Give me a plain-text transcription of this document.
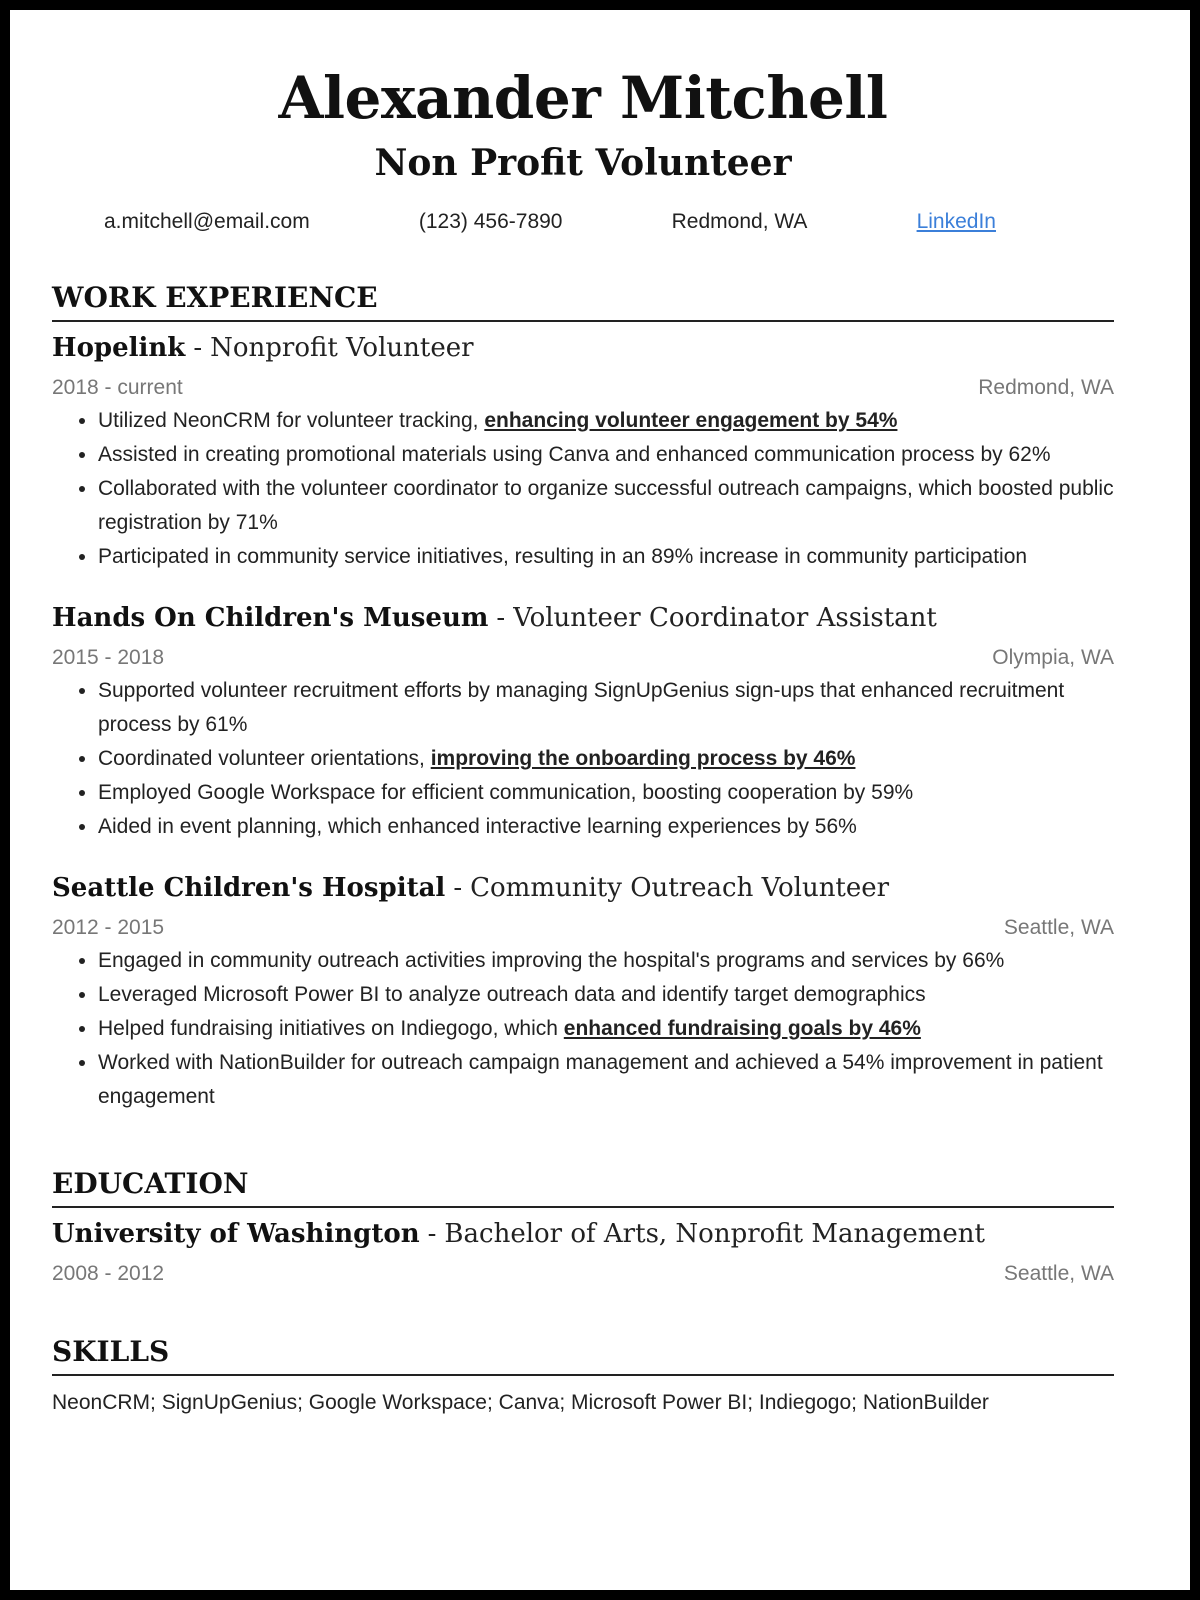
Alexander Mitchell
Non Profit Volunteer
a.mitchell@email.com	(123) 456-7890	Redmond, WA	LinkedIn
WORK EXPERIENCE
Hopelink - Nonprofit Volunteer
2018 - current	Redmond, WA
• Utilized NeonCRM for volunteer tracking, enhancing volunteer engagement by 54%
• Assisted in creating promotional materials using Canva and enhanced communication process by 62%
• Collaborated with the volunteer coordinator to organize successful outreach campaigns, which boosted public registration by 71%
• Participated in community service initiatives, resulting in an 89% increase in community participation
Hands On Children's Museum - Volunteer Coordinator Assistant
2015 - 2018	Olympia, WA
• Supported volunteer recruitment efforts by managing SignUpGenius sign-ups that enhanced recruitment process by 61%
• Coordinated volunteer orientations, improving the onboarding process by 46%
• Employed Google Workspace for efficient communication, boosting cooperation by 59%
• Aided in event planning, which enhanced interactive learning experiences by 56%
Seattle Children's Hospital - Community Outreach Volunteer
2012 - 2015	Seattle, WA
• Engaged in community outreach activities improving the hospital's programs and services by 66%
• Leveraged Microsoft Power BI to analyze outreach data and identify target demographics
• Helped fundraising initiatives on Indiegogo, which enhanced fundraising goals by 46%
• Worked with NationBuilder for outreach campaign management and achieved a 54% improvement in patient engagement
EDUCATION
University of Washington - Bachelor of Arts, Nonprofit Management
2008 - 2012	Seattle, WA
SKILLS
NeonCRM; SignUpGenius; Google Workspace; Canva; Microsoft Power BI; Indiegogo; NationBuilder
